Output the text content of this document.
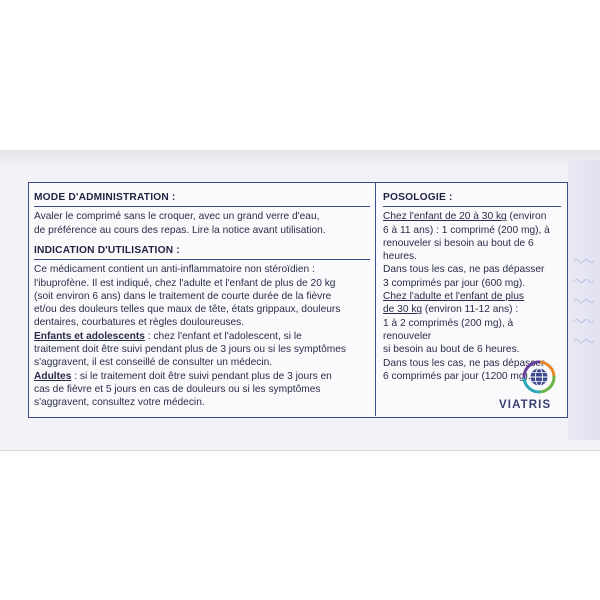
MODE D'ADMINISTRATION :

Avaler le comprimé sans le croquer, avec un grand verre d'eau,

de préférence au cours des repas. Lire la notice avant utilisation.

INDICATION D'UTILISATION :

Ce médicament contient un anti-inflammatoire non stéroïdien :

l'ibuprofène. Il est indiqué, chez l'adulte et l'enfant de plus de 20 kg

(soit environ 6 ans) dans le traitement de courte durée de la fièvre

et/ou des douleurs telles que maux de tête, états grippaux, douleurs

dentaires, courbatures et règles douloureuses.

Enfants et adolescents : chez l'enfant et l'adolescent, si le

traitement doit être suivi pendant plus de 3 jours ou si les symptômes

s'aggravent, il est conseillé de consulter un médecin.

Adultes : si le traitement doit être suivi pendant plus de 3 jours en

cas de fièvre et 5 jours en cas de douleurs ou si les symptômes

s'aggravent, consultez votre médecin.

POSOLOGIE :

Chez l'enfant de 20 à 30 kg (environ

6 à 11 ans) : 1 comprimé (200 mg), à

renouveler si besoin au bout de 6 heures.

Dans tous les cas, ne pas dépasser

3 comprimés par jour (600 mg).

Chez l'adulte et l'enfant de plus

de 30 kg (environ 11-12 ans) :

1 à 2 comprimés (200 mg), à renouveler

si besoin au bout de 6 heures.

Dans tous les cas, ne pas dépasser

6 comprimés par jour (1200 mg).

VIATRIS
